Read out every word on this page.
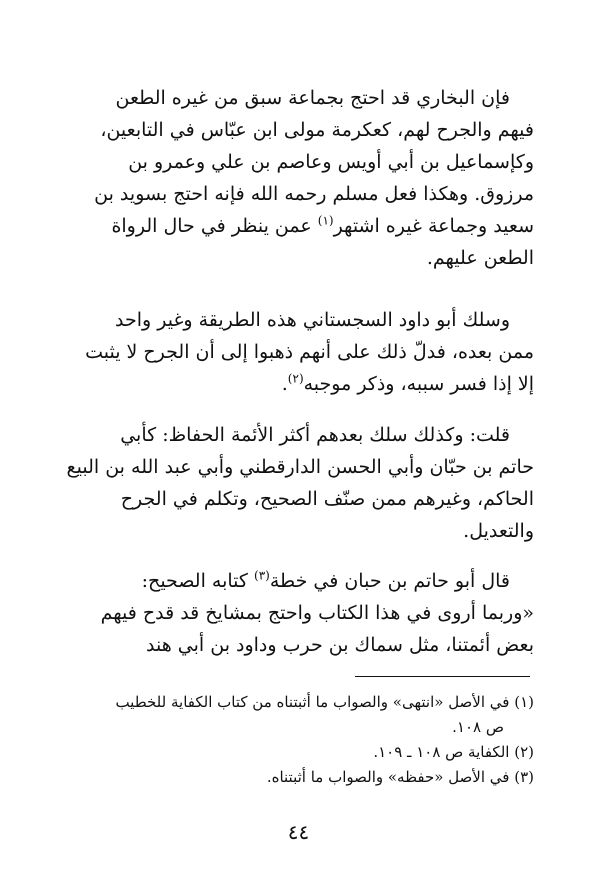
فإن البخاري قد احتج بجماعة سبق من غيره الطعن
فيهم والجرح لهم، كعكرمة مولى ابن عبّاس في التابعين،
وكإسماعيل بن أبي أويس وعاصم بن علي وعمرو بن
مرزوق. وهكذا فعل مسلم رحمه الله فإنه احتج بسويد بن
سعيد وجماعة غيره اشتهر$^{(١)}$ عمن ينظر في حال الرواة
الطعن عليهم.
وسلك أبو داود السجستاني هذه الطريقة وغير واحد
ممن بعده، فدلّ ذلك على أنهم ذهبوا إلى أن الجرح لا يثبت
إلا إذا فسر سببه، وذكر موجبه$^{(٢)}$.
قلت: وكذلك سلك بعدهم أكثر الأئمة الحفاظ: كأبي
حاتم بن حبّان وأبي الحسن الدارقطني وأبي عبد الله بن البيع
الحاكم، وغيرهم ممن صنّف الصحيح، وتكلم في الجرح
والتعديل.
قال أبو حاتم بن حبان في خطة$^{(٣)}$ كتابه الصحيح:
«وربما أروى في هذا الكتاب واحتج بمشايخ قد قدح فيهم
بعض أئمتنا، مثل سماك بن حرب وداود بن أبي هند
(١) في الأصل «انتهى» والصواب ما أثبتناه من كتاب الكفاية للخطيب
ص ١٠٨.
(٢) الكفاية ص ١٠٨ ـ ١٠٩.
(٣) في الأصل «حفظه» والصواب ما أثبتناه.
٤٤
